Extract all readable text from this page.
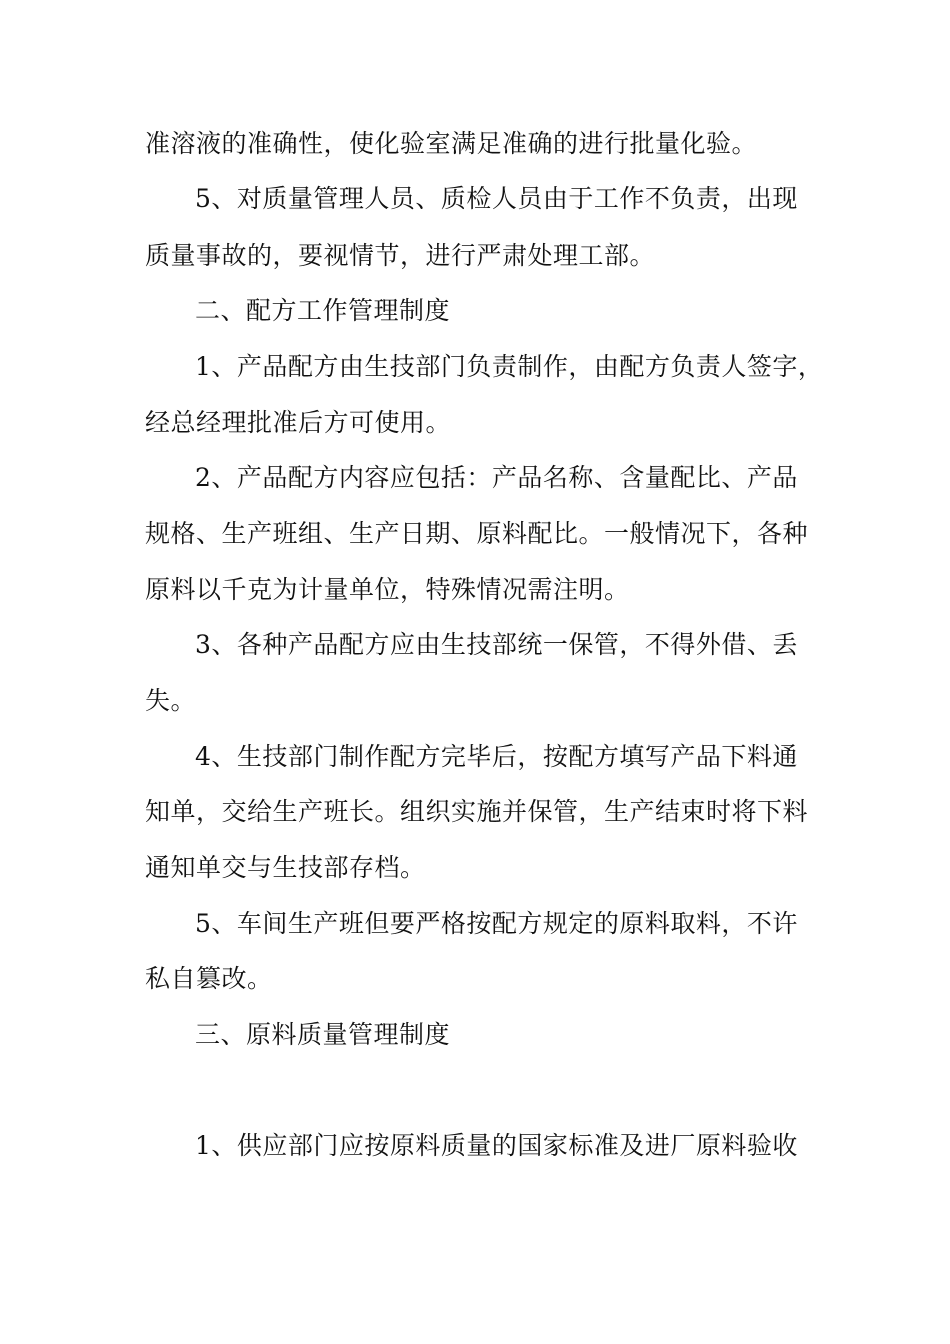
准溶液的准确性，使化验室满足准确的进行批量化验。
5、对质量管理人员、质检人员由于工作不负责，出现
质量事故的，要视情节，进行严肃处理工部。
二、配方工作管理制度
1、产品配方由生技部门负责制作，由配方负责人签字，
经总经理批准后方可使用。
2、产品配方内容应包括：产品名称、含量配比、产品
规格、生产班组、生产日期、原料配比。一般情况下，各种
原料以千克为计量单位，特殊情况需注明。
3、各种产品配方应由生技部统一保管，不得外借、丢
失。
4、生技部门制作配方完毕后，按配方填写产品下料通
知单，交给生产班长。组织实施并保管，生产结束时将下料
通知单交与生技部存档。
5、车间生产班但要严格按配方规定的原料取料，不许
私自篡改。
三、原料质量管理制度
1、供应部门应按原料质量的国家标准及进厂原料验收
